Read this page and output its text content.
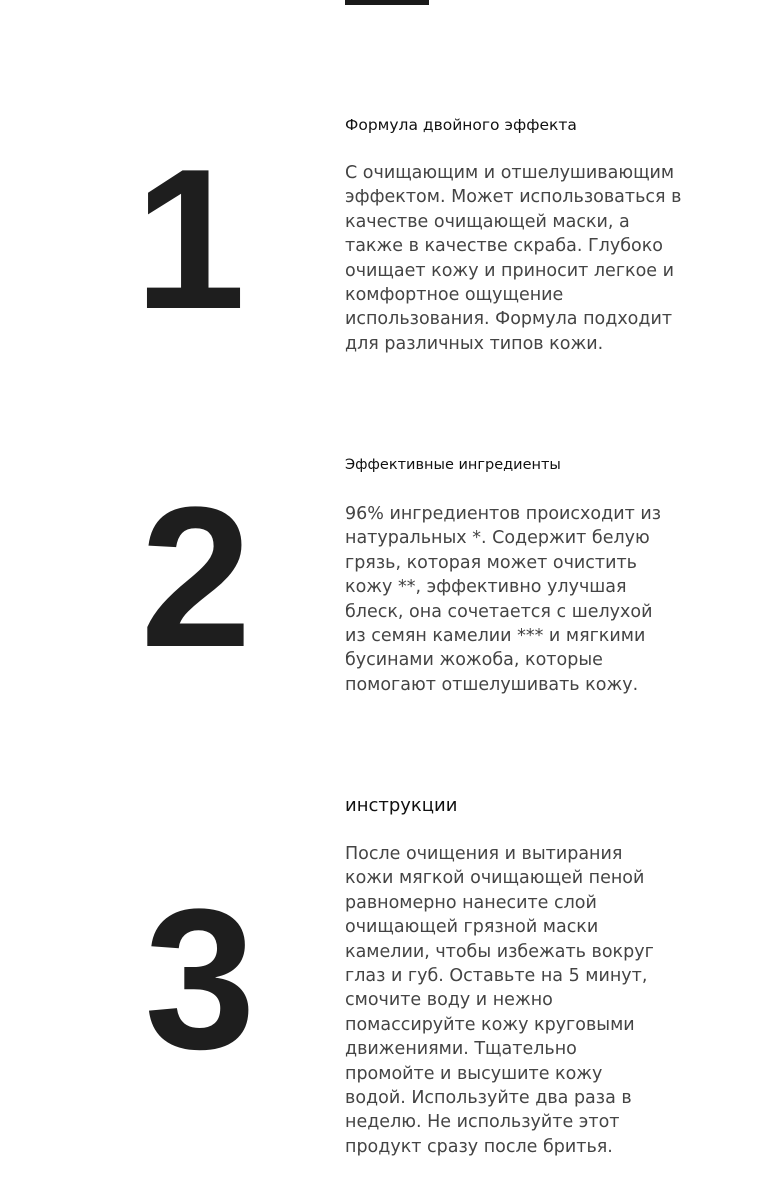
1
Формула двойного эффекта
С очищающим и отшелушивающим
эффектом. Может использоваться в
качестве очищающей маски, а
также в качестве скраба. Глубоко
очищает кожу и приносит легкое и
комфортное ощущение
использования. Формула подходит
для различных типов кожи.
2
Эффективные ингредиенты
96% ингредиентов происходит из
натуральных *. Содержит белую
грязь, которая может очистить
кожу **, эффективно улучшая
блеск, она сочетается с шелухой
из семян камелии *** и мягкими
бусинами жожоба, которые
помогают отшелушивать кожу.
3
инструкции
После очищения и вытирания
кожи мягкой очищающей пеной
равномерно нанесите слой
очищающей грязной маски
камелии, чтобы избежать вокруг
глаз и губ. Оставьте на 5 минут,
смочите воду и нежно
помассируйте кожу круговыми
движениями. Тщательно
промойте и высушите кожу
водой. Используйте два раза в
неделю. Не используйте этот
продукт сразу после бритья.
